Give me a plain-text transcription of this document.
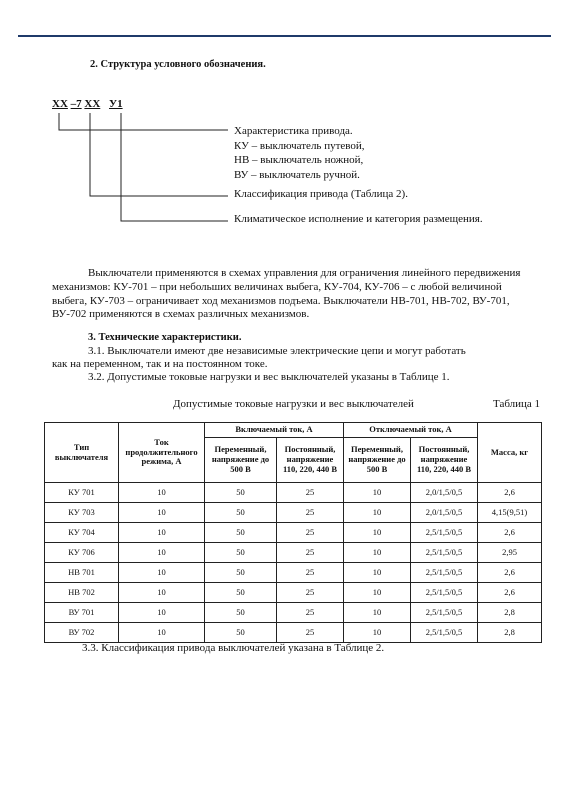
2. Структура условного обозначения.
ХХ –7 ХХ У1
Характеристика привода.
КУ – выключатель путевой,
НВ – выключатель ножной,
ВУ – выключатель ручной.
Классификация привода (Таблица 2).
Климатическое исполнение и категория размещения.
Выключатели применяются в схемах управления для ограничения линейного передвижения
механизмов: КУ-701 – при небольших величинах выбега, КУ-704, КУ-706 – с любой величиной
выбега, КУ-703 – ограничивает ход механизмов подъема. Выключатели НВ-701, НВ-702, ВУ-701,
ВУ-702 применяются в схемах различных механизмов.
3. Технические характеристики.
3.1. Выключатели имеют две независимые электрические цепи и могут работать
как на переменном, так и на постоянном токе.
3.2. Допустимые токовые нагрузки и вес выключателей указаны в Таблице 1.
Допустимые токовые нагрузки и вес выключателей	Таблица 1
Тип выключателя	Ток продолжительного режима, А	Включаемый ток, А		Отключаемый ток, А		Масса, кг
		Переменный, напряжение до 500 В	Постоянный, напряжение 110, 220, 440 В	Переменный, напряжение до 500 В	Постоянный, напряжение 110, 220, 440 В	
КУ 701	10	50	25	10	2,0/1,5/0,5	2,6
КУ 703	10	50	25	10	2,0/1,5/0,5	4,15(9,51)
КУ 704	10	50	25	10	2,5/1,5/0,5	2,6
КУ 706	10	50	25	10	2,5/1,5/0,5	2,95
НВ 701	10	50	25	10	2,5/1,5/0,5	2,6
НВ 702	10	50	25	10	2,5/1,5/0,5	2,6
ВУ 701	10	50	25	10	2,5/1,5/0,5	2,8
ВУ 702	10	50	25	10	2,5/1,5/0,5	2,8
3.3. Классификация привода выключателей указана в Таблице 2.
